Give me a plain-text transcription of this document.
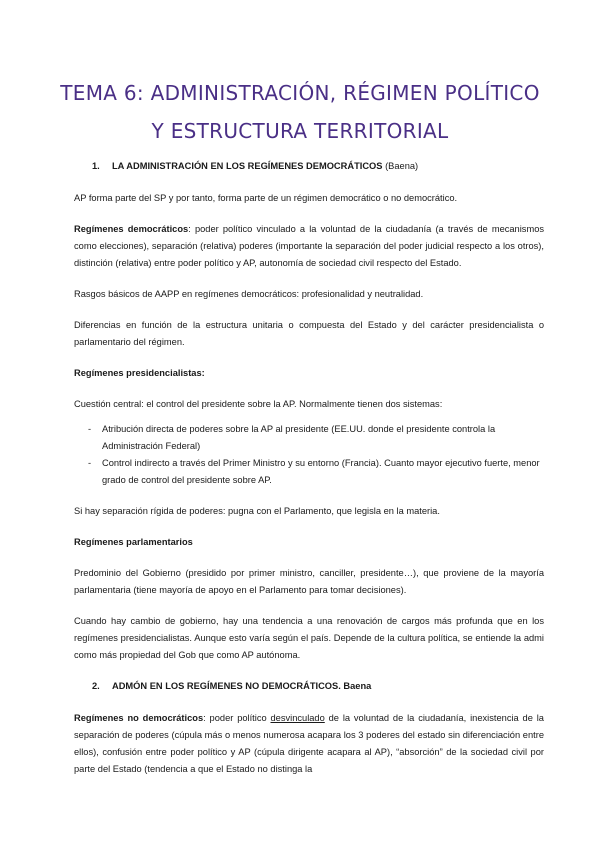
TEMA 6: ADMINISTRACIÓN, RÉGIMEN POLÍTICO Y ESTRUCTURA TERRITORIAL
1. LA ADMINISTRACIÓN EN LOS REGÍMENES DEMOCRÁTICOS (Baena)

AP forma parte del SP y por tanto, forma parte de un régimen democrático o no democrático.

Regímenes democráticos: poder político vinculado a la voluntad de la ciudadanía (a través de mecanismos como elecciones), separación (relativa) poderes (importante la separación del poder judicial respecto a los otros), distinción (relativa) entre poder político y AP, autonomía de sociedad civil respecto del Estado.

Rasgos básicos de AAPP en regímenes democráticos: profesionalidad y neutralidad.

Diferencias en función de la estructura unitaria o compuesta del Estado y del carácter presidencialista o parlamentario del régimen.

Regímenes presidencialistas:

Cuestión central: el control del presidente sobre la AP. Normalmente tienen dos sistemas:

- Atribución directa de poderes sobre la AP al presidente (EE.UU. donde el presidente controla la Administración Federal)
- Control indirecto a través del Primer Ministro y su entorno (Francia). Cuanto mayor ejecutivo fuerte, menor grado de control del presidente sobre AP.

Si hay separación rígida de poderes: pugna con el Parlamento, que legisla en la materia.

Regímenes parlamentarios

Predominio del Gobierno (presidido por primer ministro, canciller, presidente…), que proviene de la mayoría parlamentaria (tiene mayoría de apoyo en el Parlamento para tomar decisiones).

Cuando hay cambio de gobierno, hay una tendencia a una renovación de cargos más profunda que en los regímenes presidencialistas. Aunque esto varía según el país. Depende de la cultura política, se entiende la admi como más propiedad del Gob que como AP autónoma.

2. ADMÓN EN LOS REGÍMENES NO DEMOCRÁTICOS. Baena

Regímenes no democráticos: poder político desvinculado de la voluntad de la ciudadanía, inexistencia de la separación de poderes (cúpula más o menos numerosa acapara los 3 poderes del estado sin diferenciación entre ellos), confusión entre poder político y AP (cúpula dirigente acapara al AP), “absorción” de la sociedad civil por parte del Estado (tendencia a que el Estado no distinga la
